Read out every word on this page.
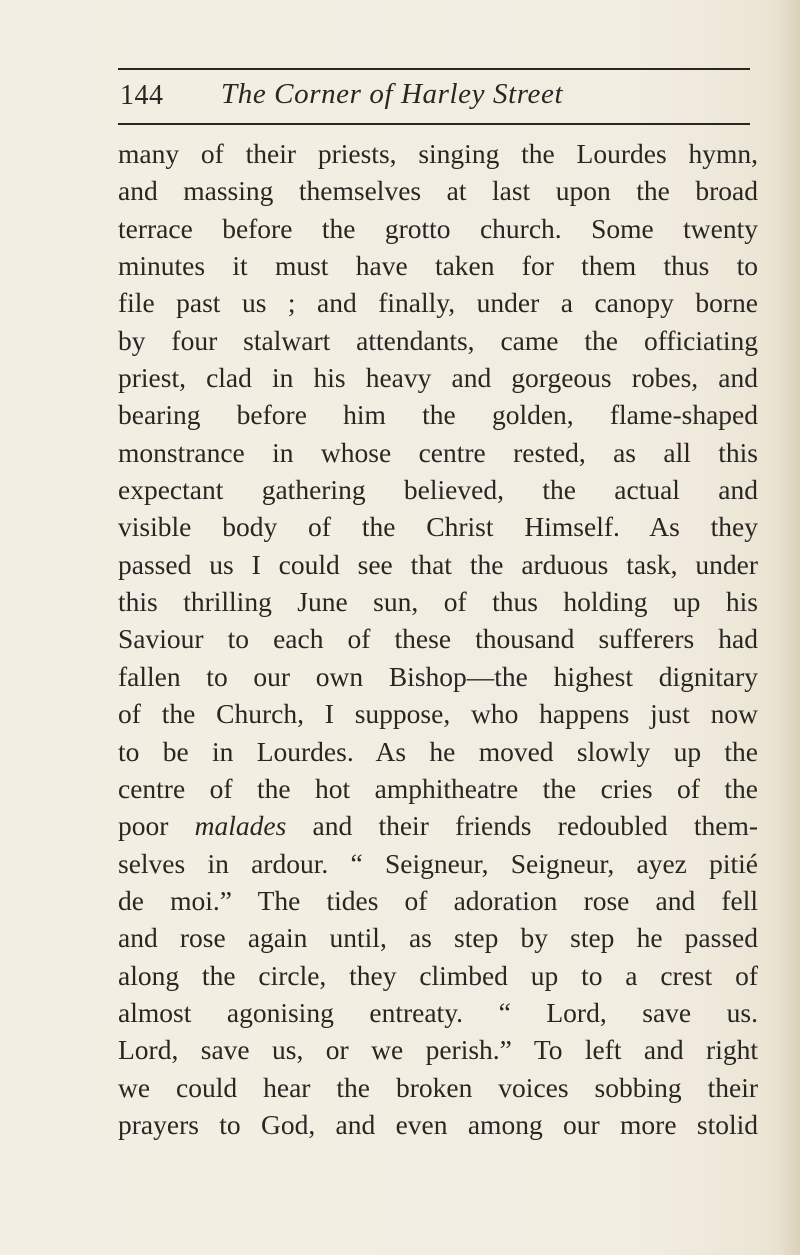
144 The Corner of Harley Street
many of their priests, singing the Lourdes hymn,
and massing themselves at last upon the broad
terrace before the grotto church. Some twenty
minutes it must have taken for them thus to
file past us ; and finally, under a canopy borne
by four stalwart attendants, came the officiating
priest, clad in his heavy and gorgeous robes, and
bearing before him the golden, flame-shaped
monstrance in whose centre rested, as all this
expectant gathering believed, the actual and
visible body of the Christ Himself. As they
passed us I could see that the arduous task, under
this thrilling June sun, of thus holding up his
Saviour to each of these thousand sufferers had
fallen to our own Bishop—the highest dignitary
of the Church, I suppose, who happens just now
to be in Lourdes. As he moved slowly up the
centre of the hot amphitheatre the cries of the
poor malades and their friends redoubled them-
selves in ardour. “ Seigneur, Seigneur, ayez pitié
de moi.” The tides of adoration rose and fell
and rose again until, as step by step he passed
along the circle, they climbed up to a crest of
almost agonising entreaty. “ Lord, save us.
Lord, save us, or we perish.” To left and right
we could hear the broken voices sobbing their
prayers to God, and even among our more stolid
